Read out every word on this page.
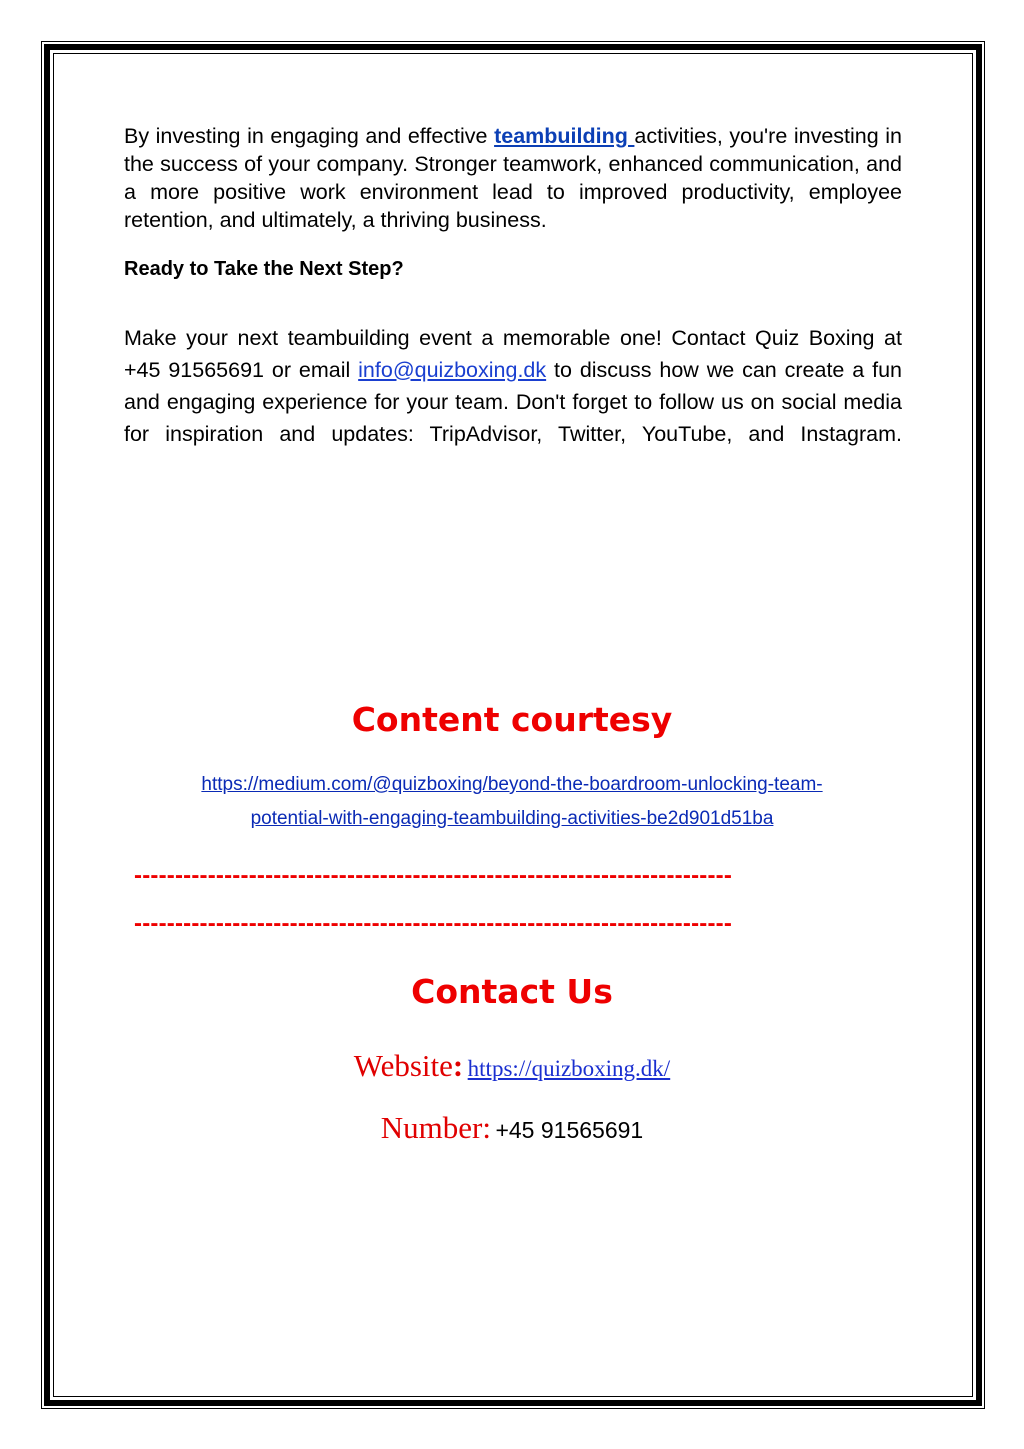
By investing in engaging and effective teambuilding activities, you're investing in the success of your company. Stronger teamwork, enhanced communication, and a more positive work environment lead to improved productivity, employee retention, and ultimately, a thriving business.

Ready to Take the Next Step?

Make your next teambuilding event a memorable one! Contact Quiz Boxing at +45 91565691 or email info@quizboxing.dk to discuss how we can create a fun and engaging experience for your team. Don't forget to follow us on social media for inspiration and updates: TripAdvisor, Twitter, YouTube, and Instagram.

Content courtesy
https://medium.com/@quizboxing/beyond-the-boardroom-unlocking-team-
potential-with-engaging-teambuilding-activities-be2d901d51ba
-------------------------------------------------------------------------
-------------------------------------------------------------------------
Contact Us
Website: https://quizboxing.dk/
Number: +45 91565691
